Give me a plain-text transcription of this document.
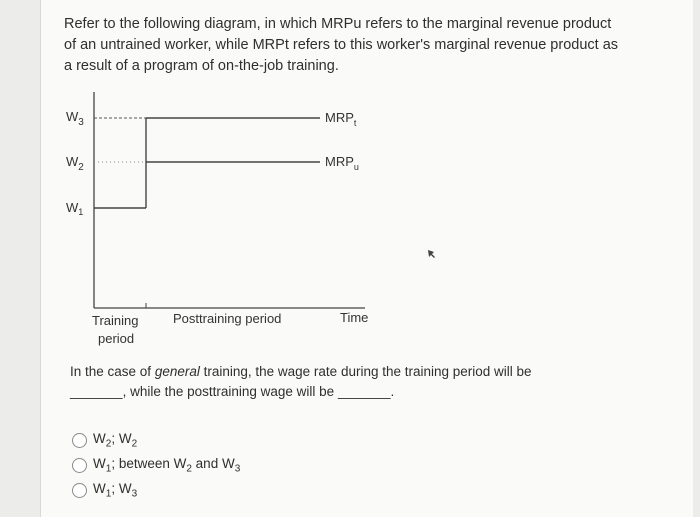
Refer to the following diagram, in which MRPu refers to the marginal revenue product of an untrained worker, while MRPt refers to this worker's marginal revenue product as a result of a program of on-the-job training.
$W_3$
$W_2$
$W_1$
$MRP_t$
$MRP_u$
Training
period
Posttraining period	Time
In the case of general training, the wage rate during the training period will be
_______, while the posttraining wage will be _______.
$W_2$; $W_2$
$W_1$; between $W_2$ and $W_3$
$W_1$; $W_3$
